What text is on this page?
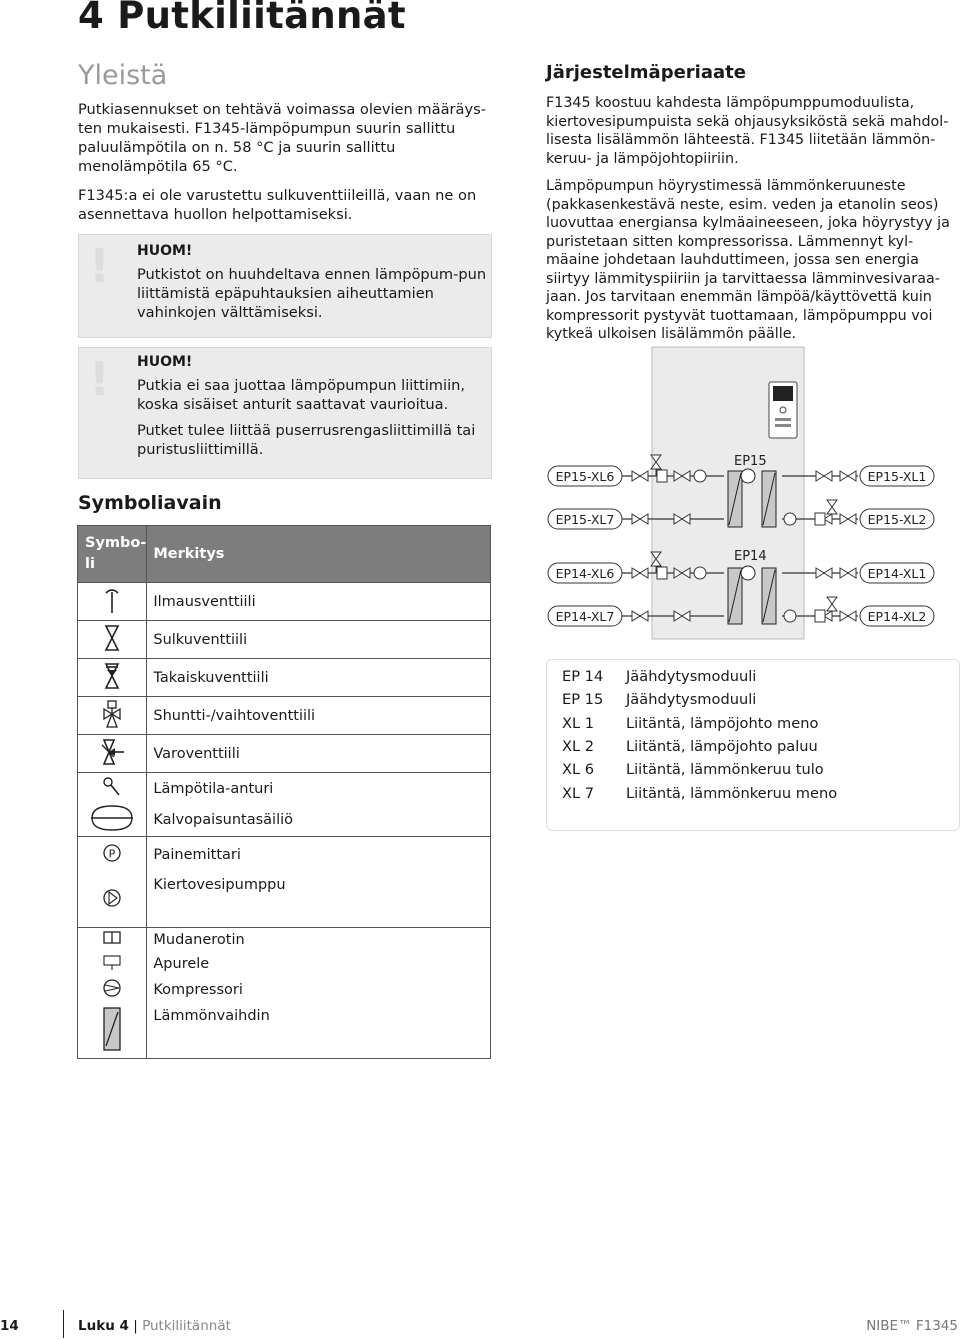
4 Putkiliitännät
Yleistä

Putkiasennukset on tehtävä voimassa olevien määräys-ten mukaisesti. F1345-lämpöpumpun suurin sallittu paluulämpötila on n. 58 °C ja suurin sallittu menolämpötila 65 °C.

F1345:a ei ole varustettu sulkuventtiileillä, vaan ne on asennettava huollon helpottamiseksi.

! HUOM!

Putkistot on huuhdeltava ennen lämpöpum-pun liittämistä epäpuhtauksien aiheuttamien vahinkojen välttämiseksi.

! HUOM!

Putkia ei saa juottaa lämpöpumpun liittimiin, koska sisäiset anturit saattavat vaurioitua.

Putket tulee liittää puserrusrengasliittimillä tai puristusliittimillä.

Symboliavain
Symbo-li	Merkitys
	Ilmausventtiili
	Sulkuventtiili
	Takaiskuventtiili
	Shuntti-/vaihtoventtiili
	Varoventtiili
	Lämpötila-anturi
	Kalvopaisuntasäiliö

P	Painemittari
	Kiertovesipumppu
	Mudanerotin
	Apurele
	Kompressori
	Lämmönvaihdin
Järjestelmäperiaate

F1345 koostuu kahdesta lämpöpumppumoduulista, kiertovesipumpuista sekä ohjausyksiköstä sekä mahdol-lisesta lisälämmön lähteestä. F1345 liitetään lämmön-keruu- ja lämpöjohtopiiriin.

Lämpöpumpun höyrystimessä lämmönkeruuneste (pakkasenkestävä neste, esim. veden ja etanolin seos) luovuttaa energiansa kylmäaineeseen, joka höyrystyy ja puristetaan sitten kompressorissa. Lämmennyt kyl-mäaine johdetaan lauhduttimeen, jossa sen energia siirtyy lämmityspiiriin ja tarvittaessa lämminvesivaraa-jaan. Jos tarvitaan enemmän lämpöä/käyttövettä kuin kompressorit pystyvät tuottamaan, lämpöpumppu voi kytkeä ulkoisen lisälämmön päälle.

EP15
EP14
EP15-XL6
EP15-XL7
EP14-XL6
EP14-XL7
EP15-XL1
EP15-XL2
EP14-XL1
EP14-XL2
EP 14 Jäähdytysmoduuli
EP 15 Jäähdytysmoduuli
XL 1 Liitäntä, lämpöjohto meno
XL 2 Liitäntä, lämpöjohto paluu
XL 6 Liitäntä, lämmönkeruu tulo
XL 7 Liitäntä, lämmönkeruu meno
14	Luku 4 | Putkiliitännät	NIBE™ F1345
